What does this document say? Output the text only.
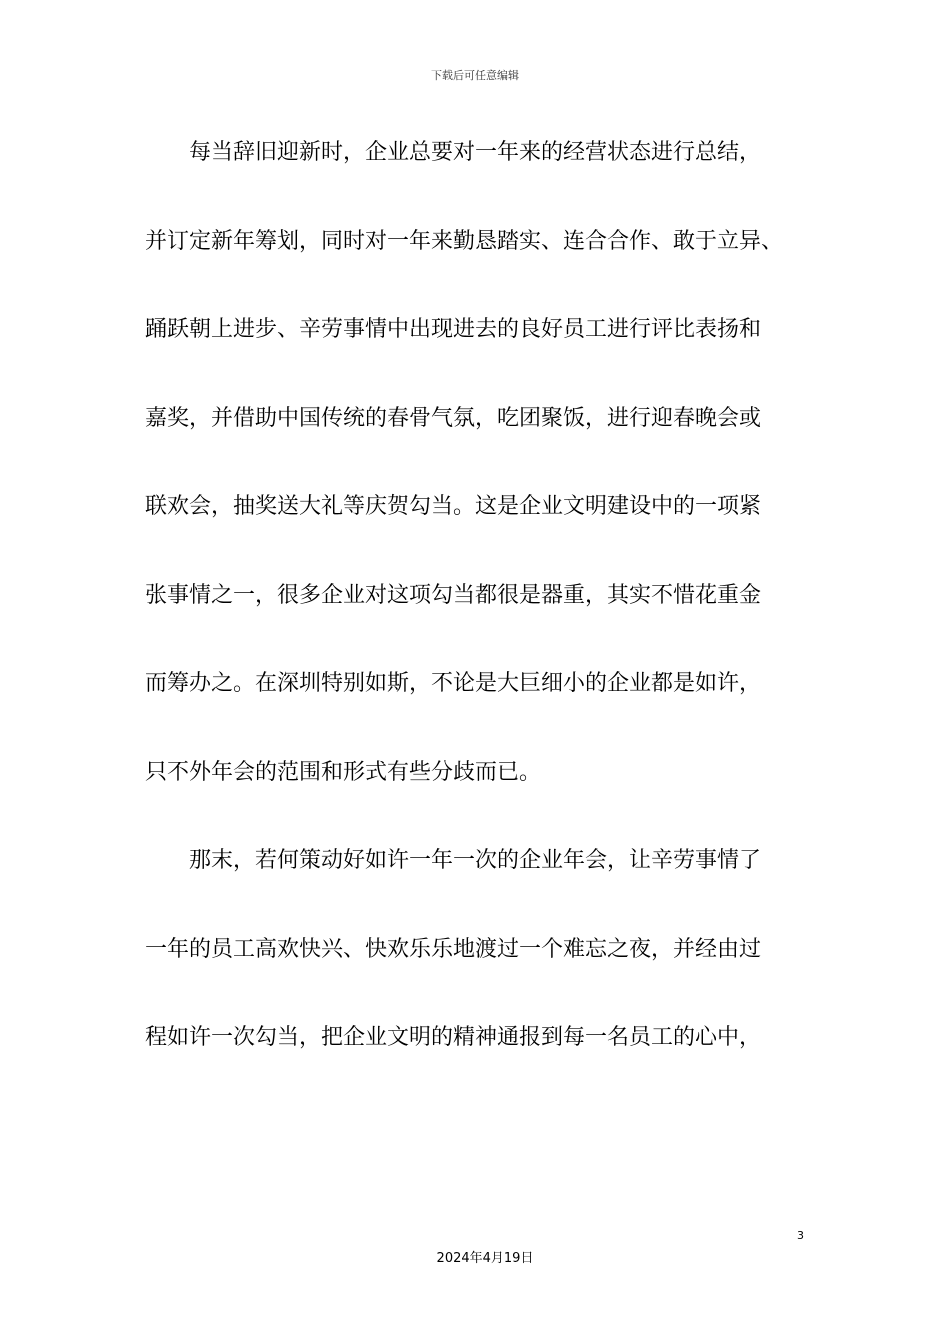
下载后可任意编辑
每当辞旧迎新时，企业总要对一年来的经营状态进行总结，
并订定新年筹划，同时对一年来勤恳踏实、连合合作、敢于立异、
踊跃朝上进步、辛劳事情中出现进去的良好员工进行评比表扬和
嘉奖，并借助中国传统的春骨气氛，吃团聚饭，进行迎春晚会或
联欢会，抽奖送大礼等庆贺勾当。这是企业文明建设中的一项紧
张事情之一，很多企业对这项勾当都很是器重，其实不惜花重金
而筹办之。在深圳特别如斯，不论是大巨细小的企业都是如许，
只不外年会的范围和形式有些分歧而已。
那末，若何策动好如许一年一次的企业年会，让辛劳事情了
一年的员工高欢快兴、快欢乐乐地渡过一个难忘之夜，并经由过
程如许一次勾当，把企业文明的精神通报到每一名员工的心中，
3
2024年4月19日
